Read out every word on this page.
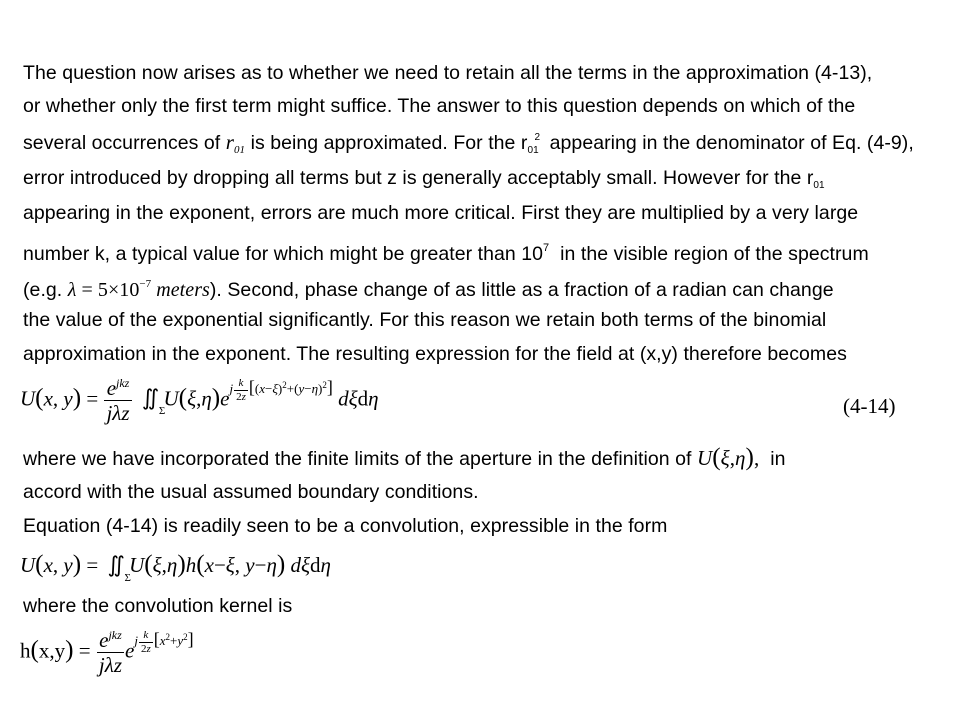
The question now arises as to whether we need to retain all the terms in the approximation (4-13),
or whether only the first term might suffice. The answer to this question depends on which of the
several occurrences of r01 is being approximated. For the r 2
$_{01}$ appearing in the denominator of Eq. (4-9),
error introduced by dropping all terms but z is generally acceptably small. However for the $r_{01}$
appearing in the exponent, errors are much more critical. First they are multiplied by a very large
number k, a typical value for which might be greater than $10^7$ in the visible region of the spectrum
(e.g. $\lambda = 5\times 10^{-7}$ meters). Second, phase change of as little as a fraction of a radian can change
the value of the exponential significantly. For this reason we retain both terms of the binomial
approximation in the exponent. The resulting expression for the field at (x,y) therefore becomes
U(x, $y) = \frac{e^{jkz}}{\text{jλz}}$ ∬
Σ
$U(\xi,\eta)ej \frac{k}{2z} [(x-\xi)^2+(y-\eta)^2]$ dξdη	(4-14)
where we have incorporated the finite limits of the aperture in the definition of U(ξ,η), in
accord with the usual assumed boundary conditions.
Equation (4-14) is readily seen to be a convolution, expressible in the form
U(x, y) = ∬
Σ
U(ξ,η)h(x−ξ, y−η) dξdη
where the convolution kernel is
$h(x,y) = \frac{e^{jkz}}{\text{jλz}}$ ej $\frac{k}{2z} [x^2+y^2]$
